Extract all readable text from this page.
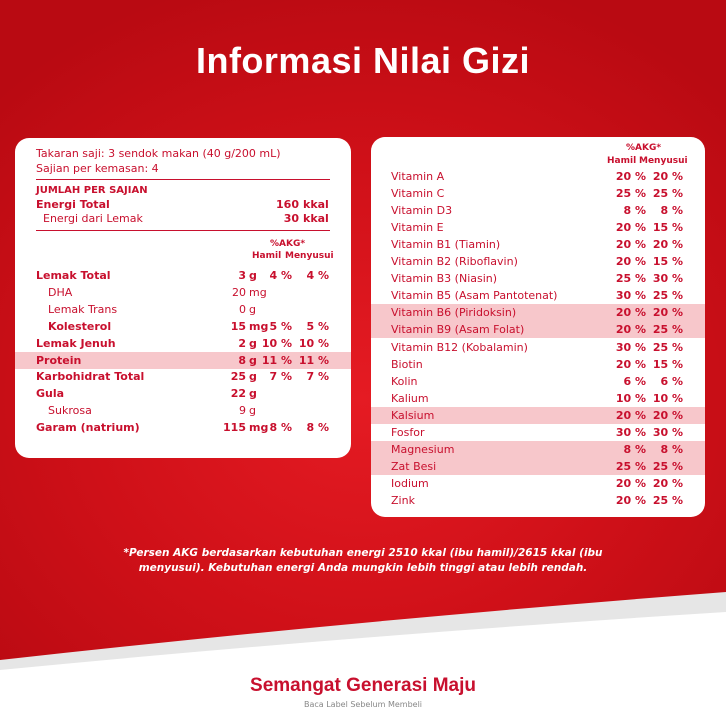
Informasi Nilai Gizi
Takaran saji: 3 sendok makan (40 g/200 mL)
Sajian per kemasan: 4
JUMLAH PER SAJIAN
Energi Total	160 kkal
Energi dari Lemak	30 kkal
%AKG*
Hamil Menyusui
Lemak Total	3 g 4 % 4 %
DHA	20 mg
Lemak Trans	0 g
Kolesterol	15 mg 5 % 5 %
Lemak Jenuh	2 g 10 % 10 %
Protein	8 g 11 % 11 %
Karbohidrat Total	25 g 7 % 7 %
Gula	22 g
Sukrosa	9 g
Garam (natrium)	115 mg 8 % 8 %
%AKG*
Hamil Menyusui
Vitamin A	20 % 20 %
Vitamin C	25 % 25 %
Vitamin D3	8 % 8 %
Vitamin E	20 % 15 %
Vitamin B1 (Tiamin)	20 % 20 %
Vitamin B2 (Riboflavin)	20 % 15 %
Vitamin B3 (Niasin)	25 % 30 %
Vitamin B5 (Asam Pantotenat)	30 % 25 %
Vitamin B6 (Piridoksin)	20 % 20 %
Vitamin B9 (Asam Folat)	20 % 25 %
Vitamin B12 (Kobalamin)	30 % 25 %
Biotin	20 % 15 %
Kolin	6 % 6 %
Kalium	10 % 10 %
Kalsium	20 % 20 %
Fosfor	30 % 30 %
Magnesium	8 % 8 %
Zat Besi	25 % 25 %
Iodium	20 % 20 %
Zink	20 % 25 %
*Persen AKG berdasarkan kebutuhan energi 2510 kkal (ibu hamil)/2615 kkal (ibu menyusui). Kebutuhan energi Anda mungkin lebih tinggi atau lebih rendah.
Semangat Generasi Maju
Baca Label Sebelum Membeli
